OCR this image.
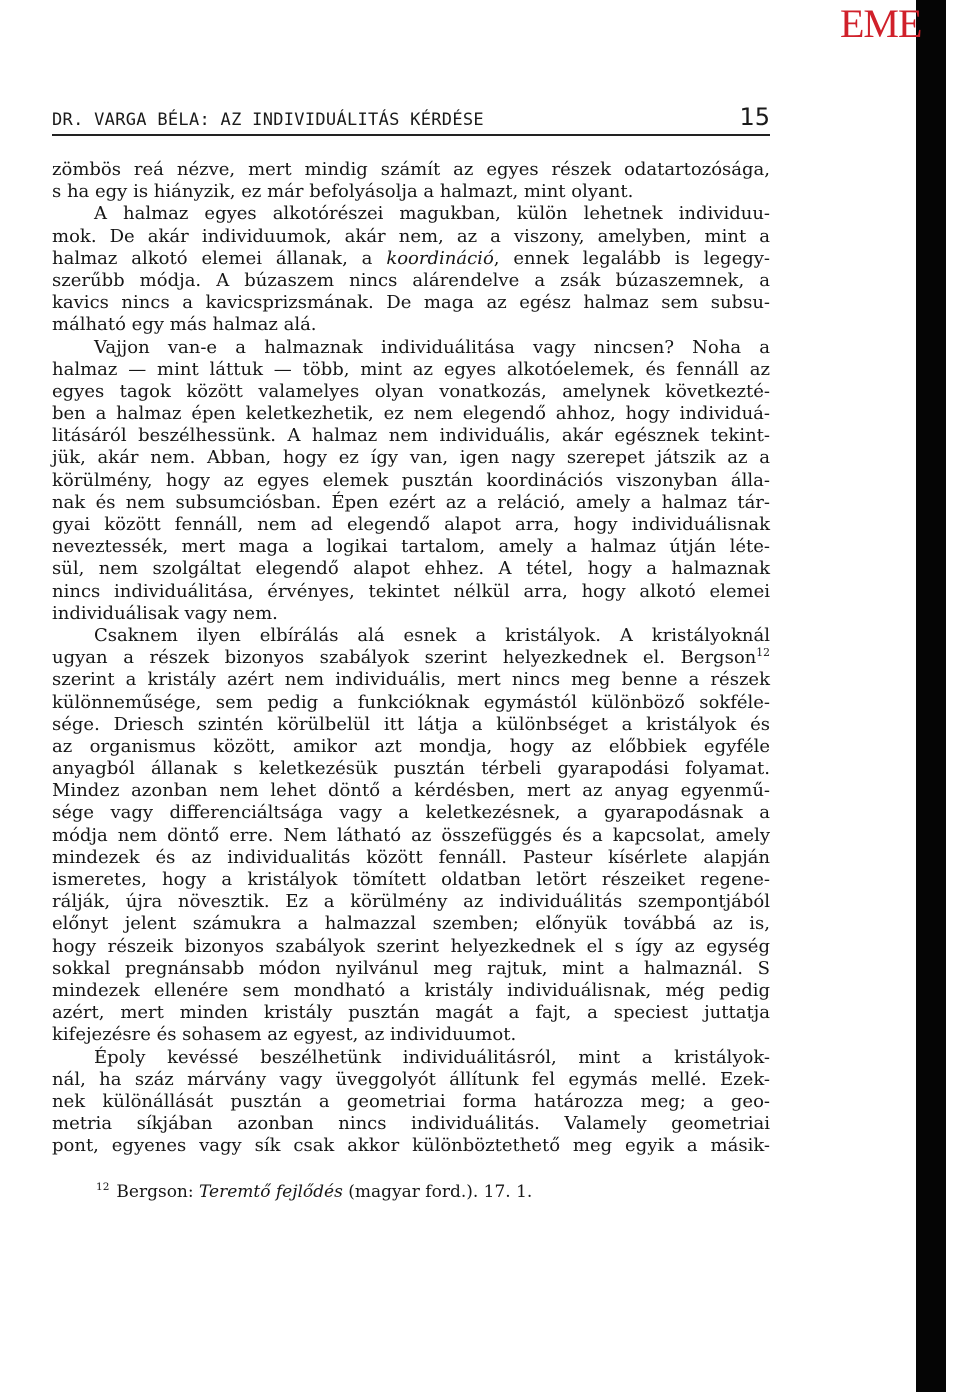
EME
DR. VARGA BÉLA: AZ INDIVIDUÁLITÁS KÉRDÉSE	15
zömbös reá nézve, mert mindig számít az egyes részek odatartozósága,
s ha egy is hiányzik, ez már befolyásolja a halmazt, mint olyant.
A halmaz egyes alkotórészei magukban, külön lehetnek individuu-
mok. De akár individuumok, akár nem, az a viszony, amelyben, mint a
halmaz alkotó elemei állanak, a koordináció, ennek legalább is legegy-
szerűbb módja. A búzaszem nincs alárendelve a zsák búzaszemnek, a
kavics nincs a kavicsprizsmának. De maga az egész halmaz sem subsu-
málható egy más halmaz alá.
Vajjon van-e a halmaznak individuálitása vagy nincsen? Noha a
halmaz — mint láttuk — több, mint az egyes alkotóelemek, és fennáll az
egyes tagok között valamelyes olyan vonatkozás, amelynek következté-
ben a halmaz épen keletkezhetik, ez nem elegendő ahhoz, hogy individuá-
litásáról beszélhessünk. A halmaz nem individuális, akár egésznek tekint-
jük, akár nem. Abban, hogy ez így van, igen nagy szerepet játszik az a
körülmény, hogy az egyes elemek pusztán koordinációs viszonyban álla-
nak és nem subsumciósban. Épen ezért az a reláció, amely a halmaz tár-
gyai között fennáll, nem ad elegendő alapot arra, hogy individuálisnak
neveztessék, mert maga a logikai tartalom, amely a halmaz útján léte-
sül, nem szolgáltat elegendő alapot ehhez. A tétel, hogy a halmaznak
nincs individuálitása, érvényes, tekintet nélkül arra, hogy alkotó elemei
individuálisak vagy nem.
Csaknem ilyen elbírálás alá esnek a kristályok. A kristályoknál
ugyan a részek bizonyos szabályok szerint helyezkednek el. Bergson$^{12}$
szerint a kristály azért nem individuális, mert nincs meg benne a részek
különneműsége, sem pedig a funkcióknak egymástól különböző sokféle-
sége. Driesch szintén körülbelül itt látja a különbséget a kristályok és
az organismus között, amikor azt mondja, hogy az előbbiek egyféle
anyagból állanak s keletkezésük pusztán térbeli gyarapodási folyamat.
Mindez azonban nem lehet döntő a kérdésben, mert az anyag egyenmű-
sége vagy differenciáltsága vagy a keletkezésnek, a gyarapodásnak a
módja nem döntő erre. Nem látható az összefüggés és a kapcsolat, amely
mindezek és az individualitás között fennáll. Pasteur kísérlete alapján
ismeretes, hogy a kristályok tömített oldatban letört részeiket regene-
rálják, újra növesztik. Ez a körülmény az individuálitás szempontjából
előnyt jelent számukra a halmazzal szemben; előnyük továbbá az is,
hogy részeik bizonyos szabályok szerint helyezkednek el s így az egység
sokkal pregnánsabb módon nyilvánul meg rajtuk, mint a halmaznál. S
mindezek ellenére sem mondható a kristály individuálisnak, még pedig
azért, mert minden kristály pusztán magát a fajt, a speciest juttatja
kifejezésre és sohasem az egyest, az individuumot.
Époly kevéssé beszélhetünk individuálitásról, mint a kristályok-
nál, ha száz márvány vagy üveggolyót állítunk fel egymás mellé. Ezek-
nek különállását pusztán a geometriai forma határozza meg; a geo-
metria síkjában azonban nincs individuálitás. Valamely geometriai
pont, egyenes vagy sík csak akkor különböztethető meg egyik a másik-
$^{12}$ Bergson: Teremtő fejlődés (magyar ford.). 17. 1.
